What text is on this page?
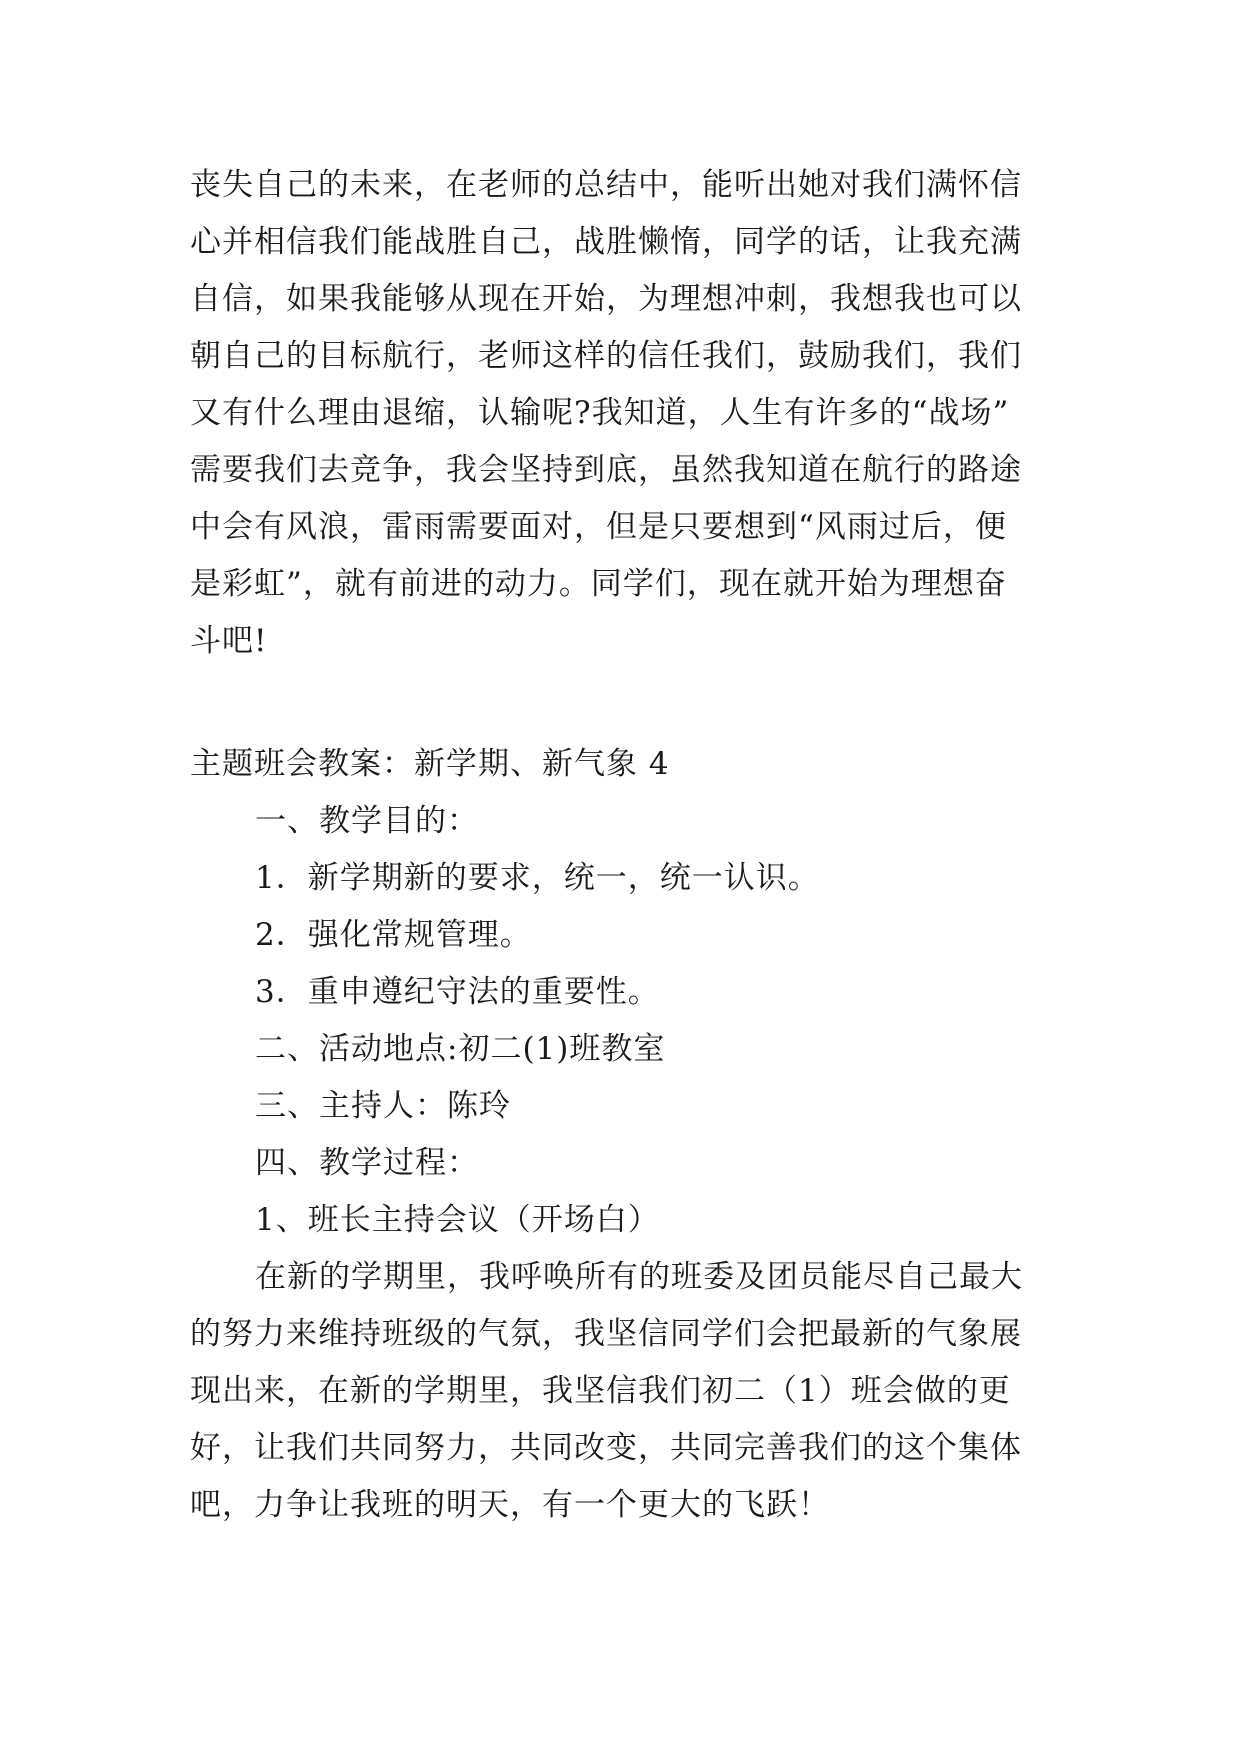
丧失自己的未来，在老师的总结中，能听出她对我们满怀信
心并相信我们能战胜自己，战胜懒惰，同学的话，让我充满
自信，如果我能够从现在开始，为理想冲刺，我想我也可以
朝自己的目标航行，老师这样的信任我们，鼓励我们，我们
又有什么理由退缩，认输呢?我知道，人生有许多的“战场”
需要我们去竞争，我会坚持到底，虽然我知道在航行的路途
中会有风浪，雷雨需要面对，但是只要想到“风雨过后，便
是彩虹”，就有前进的动力。同学们，现在就开始为理想奋
斗吧!
主题班会教案：新学期、新气象 4
一、教学目的：
1．新学期新的要求，统一，统一认识。
2．强化常规管理。
3．重申遵纪守法的重要性。
二、活动地点:初二(1)班教室
三、主持人：陈玲
四、教学过程：
1、班长主持会议（开场白）
在新的学期里，我呼唤所有的班委及团员能尽自己最大
的努力来维持班级的气氛，我坚信同学们会把最新的气象展
现出来，在新的学期里，我坚信我们初二（1）班会做的更
好，让我们共同努力，共同改变，共同完善我们的这个集体
吧，力争让我班的明天，有一个更大的飞跃！
